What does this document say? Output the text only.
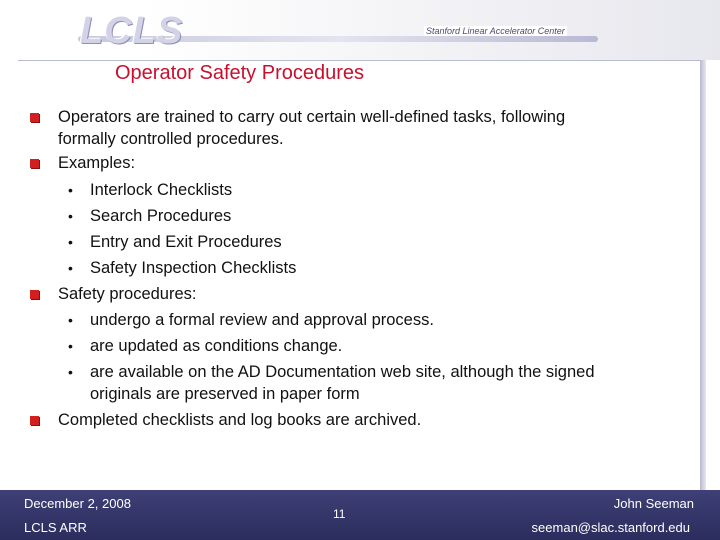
LCLS	Stanford Linear Accelerator Center
Operator Safety Procedures
Operators are trained to carry out certain well-defined tasks, following
formally controlled procedures.
Examples:
• Interlock Checklists
• Search Procedures
• Entry and Exit Procedures
• Safety Inspection Checklists
Safety procedures:
• undergo a formal review and approval process.
• are updated as conditions change.
• are available on the AD Documentation web site, although the signed
originals are preserved in paper form
Completed checklists and log books are archived.
December 2, 2008
LCLS ARR
11
John Seeman
seeman@slac.stanford.edu
